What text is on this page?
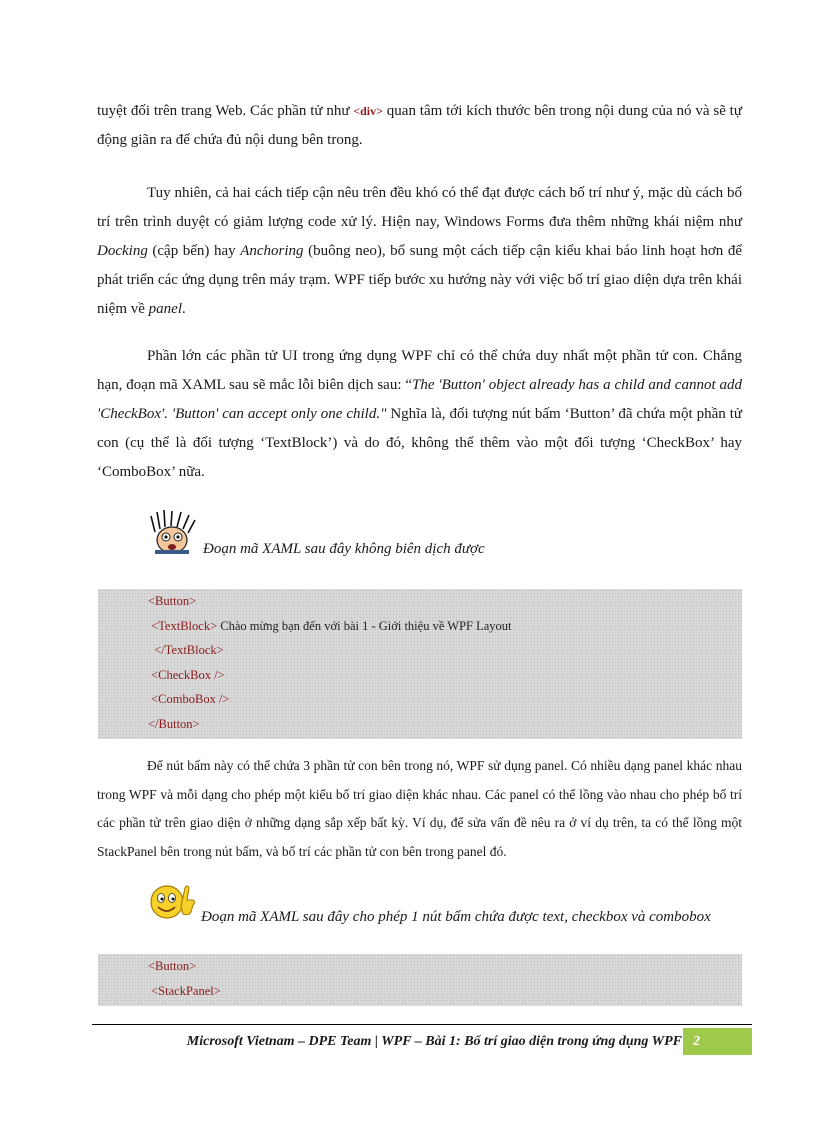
tuyệt đối trên trang Web. Các phần tử như <div> quan tâm tới kích thước bên trong nội dung của nó và sẽ tự động giãn ra để chứa đủ nội dung bên trong.

Tuy nhiên, cả hai cách tiếp cận nêu trên đều khó có thể đạt được cách bố trí như ý, mặc dù cách bố trí trên trình duyệt có giảm lượng code xử lý. Hiện nay, Windows Forms đưa thêm những khái niệm như Docking (cập bến) hay Anchoring (buông neo), bổ sung một cách tiếp cận kiểu khai báo linh hoạt hơn để phát triển các ứng dụng trên máy trạm. WPF tiếp bước xu hướng này với việc bố trí giao diện dựa trên khái niệm về panel.

Phần lớn các phần tử UI trong ứng dụng WPF chỉ có thể chứa duy nhất một phần tử con. Chẳng hạn, đoạn mã XAML sau sẽ mắc lỗi biên dịch sau: “The 'Button' object already has a child and cannot add 'CheckBox'. 'Button' can accept only one child." Nghĩa là, đối tượng nút bấm ‘Button’ đã chứa một phần tử con (cụ thể là đối tượng ‘TextBlock’) và do đó, không thể thêm vào một đối tượng ‘CheckBox’ hay ‘ComboBox’ nữa.

Đoạn mã XAML sau đây không biên dịch được
<Button>
<TextBlock> Chào mừng bạn đến với bài 1 - Giới thiệu về WPF Layout
</TextBlock>
<CheckBox />
<ComboBox />
</Button>

Để nút bấm này có thể chứa 3 phần tử con bên trong nó, WPF sử dụng panel. Có nhiều dạng panel khác nhau trong WPF và mỗi dạng cho phép một kiểu bố trí giao diện khác nhau. Các panel có thể lồng vào nhau cho phép bố trí các phần tử trên giao diện ở những dạng sắp xếp bất kỳ. Ví dụ, để sửa vấn đề nêu ra ở ví dụ trên, ta có thể lồng một StackPanel bên trong nút bấm, và bố trí các phần tử con bên trong panel đó.

Đoạn mã XAML sau đây cho phép 1 nút bấm chứa được text, checkbox và combobox
<Button>
<StackPanel>
Microsoft Vietnam – DPE Team | WPF – Bài 1: Bố trí giao diện trong ứng dụng WPF 2
